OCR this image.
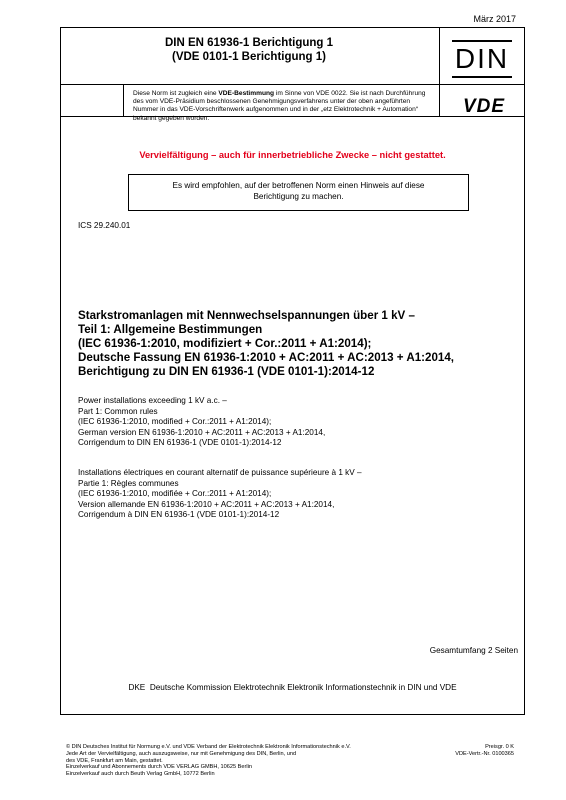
März 2017
DIN EN 61936-1 Berichtigung 1
(VDE 0101-1 Berichtigung 1)	DIN
Diese Norm ist zugleich eine VDE-Bestimmung im Sinne von VDE 0022. Sie ist nach Durchführung des vom VDE-Präsidium beschlossenen Genehmigungsverfahrens unter der oben angeführten Nummer in das VDE-Vorschriftenwerk aufgenommen und in der „etz Elektrotechnik + Automation“ bekannt gegeben worden.
VDE
Vervielfältigung – auch für innerbetriebliche Zwecke – nicht gestattet.
Es wird empfohlen, auf der betroffenen Norm einen Hinweis auf diese
Berichtigung zu machen.
ICS 29.240.01
Starkstromanlagen mit Nennwechselspannungen über 1 kV –
Teil 1: Allgemeine Bestimmungen
(IEC 61936-1:2010, modifiziert + Cor.:2011 + A1:2014);
Deutsche Fassung EN 61936-1:2010 + AC:2011 + AC:2013 + A1:2014,
Berichtigung zu DIN EN 61936-1 (VDE 0101-1):2014-12
Power installations exceeding 1 kV a.c. –
Part 1: Common rules
(IEC 61936-1:2010, modified + Cor.:2011 + A1:2014);
German version EN 61936-1:2010 + AC:2011 + AC:2013 + A1:2014,
Corrigendum to DIN EN 61936-1 (VDE 0101-1):2014-12
Installations électriques en courant alternatif de puissance supérieure à 1 kV –
Partie 1: Règles communes
(IEC 61936-1:2010, modifiée + Cor.:2011 + A1:2014);
Version allemande EN 61936-1:2010 + AC:2011 + AC:2013 + A1:2014,
Corrigendum à DIN EN 61936-1 (VDE 0101-1):2014-12
Gesamtumfang 2 Seiten
DKE Deutsche Kommission Elektrotechnik Elektronik Informationstechnik in DIN und VDE
© DIN Deutsches Institut für Normung e.V. und VDE Verband der Elektrotechnik Elektronik Informationstechnik e.V.
Jede Art der Vervielfältigung, auch auszugsweise, nur mit Genehmigung des DIN, Berlin, und
des VDE, Frankfurt am Main, gestattet.
Einzelverkauf und Abonnements durch VDE VERLAG GMBH, 10625 Berlin
Einzelverkauf auch durch Beuth Verlag GmbH, 10772 Berlin
Preisgr. 0 K
VDE-Vertr.-Nr. 0100365
